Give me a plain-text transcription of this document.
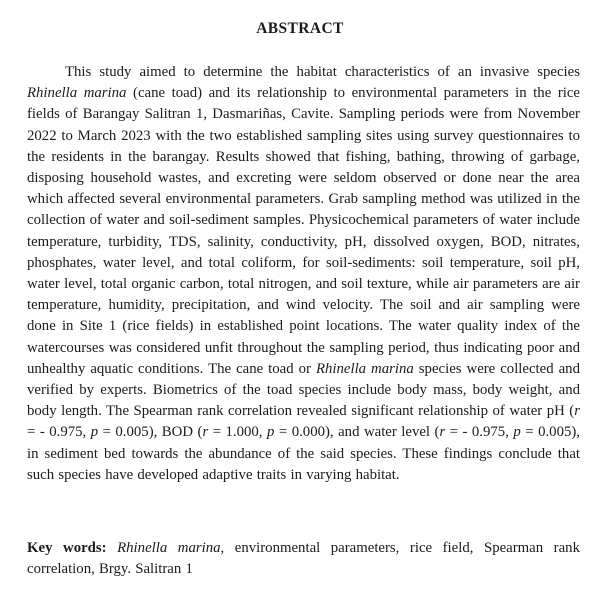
ABSTRACT

This study aimed to determine the habitat characteristics of an invasive species Rhinella marina (cane toad) and its relationship to environmental parameters in the rice fields of Barangay Salitran 1, Dasmariñas, Cavite. Sampling periods were from November 2022 to March 2023 with the two established sampling sites using survey questionnaires to the residents in the barangay. Results showed that fishing, bathing, throwing of garbage, disposing household wastes, and excreting were seldom observed or done near the area which affected several environmental parameters. Grab sampling method was utilized in the collection of water and soil-sediment samples. Physicochemical parameters of water include temperature, turbidity, TDS, salinity, conductivity, pH, dissolved oxygen, BOD, nitrates, phosphates, water level, and total coliform, for soil-sediments: soil temperature, soil pH, water level, total organic carbon, total nitrogen, and soil texture, while air parameters are air temperature, humidity, precipitation, and wind velocity. The soil and air sampling were done in Site 1 (rice fields) in established point locations. The water quality index of the watercourses was considered unfit throughout the sampling period, thus indicating poor and unhealthy aquatic conditions. The cane toad or Rhinella marina species were collected and verified by experts. Biometrics of the toad species include body mass, body weight, and body length. The Spearman rank correlation revealed significant relationship of water pH (r = - 0.975, p = 0.005), BOD (r = 1.000, p = 0.000), and water level (r = - 0.975, p = 0.005), in sediment bed towards the abundance of the said species. These findings conclude that such species have developed adaptive traits in varying habitat.

Key words: Rhinella marina, environmental parameters, rice field, Spearman rank correlation, Brgy. Salitran 1
